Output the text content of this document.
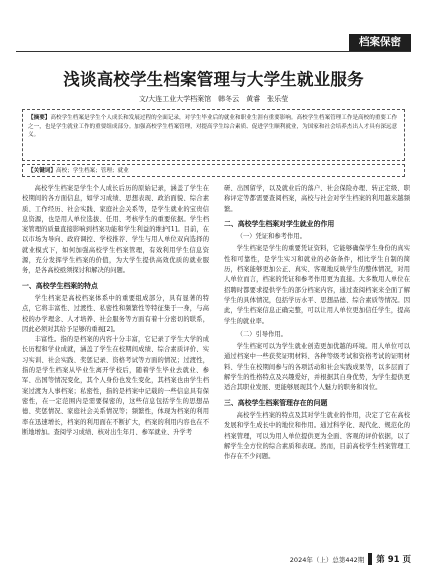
档案保密
浅谈高校学生档案管理与大学生就业服务
文/大连工业大学档案馆　韩冬云　黄睿　张乐莹
【摘要】高校学生档案是学生个人成长和发展过程的全面记录，对学生毕业后的就业和职业生涯有重要影响。高校学生档案管理工作是高校的重要工作之一，也是学生就业工作的重要组成部分。加强高校学生档案管理，对提高学生综合素质、促进学生顺利就业，为国家和社会培养杰出人才具有深远意义。
【关键词】高校；学生档案；管理；就业

高校学生档案是学生个人成长后历的原始记录，涵盖了学生在校期间的各方面信息，如学习成绩、思想表现、政治面貌、综合素质、工作经历、社会实践、家庭社会关系等，是学生就业的宝贵信息资源，也是用人单位选拔、任用、考核学生的重要依据。学生档案管理的质量直接影响到档案功能和学生利益的维护[1]。目前，在以市场为导向、政府调控、学校推荐、学生与用人单位双向选择的就业模式下，如何加强高校学生档案管理，有效利用学生信息资源，充分发挥学生档案的价值，为大学生提供高效优质的就业服务，是各高校亟须探讨和解决的问题。

一、高校学生档案的特点

学生档案是高校档案体系中的重要组成部分，具有显著的特点，它将丰富性、过渡性、私密性和频繁性等特征集于一身，与高校的办学理念、人才培养、社会服务等方面有着十分密切的联系，因此必须对其给予足够的重视[2]。

丰富性。指的是档案的内容十分丰富，它记录了学生大学的成长历程和学业成就，涵盖了学生在校期间成绩、综合素质评价、实习实训、社会实践、奖惩记录、资格考试等方面的情况；过渡性，指的是学生档案从毕业生离开学校后，随着学生毕业去就业、参军、出国等情况变化，其个人身份也发生变化，其档案也由学生档案过渡为人事档案；私密性，指的是档案中记载的一些信息具有保密性，在一定范围内是需要保密的，这些信息包括学生的思想品德、奖惩情况、家庭社会关系情况等；频繁性，体现为档案的利用率在迅速增长，档案的利用面在不断扩大，档案的利用内容也在不断地增加。查阅学习成绩、核对出生年月、参军就业、升学考

研、出国留学，以及就业后的落户、社会保险办理、转正定级、职称评定等都需要查阅档案，高校与社会对学生档案的利用越来越频繁。

二、高校学生档案对学生就业的作用
（一）凭证和参考作用。

学生档案是学生的重要凭证资料，它能够确保学生身份的真实性和可靠性，是学生实习和就业的必备条件，相比学生自制的简历，档案能够更加公正、真实、客观地反映学生的整体情况，对用人单位而言，档案的凭证和参考作用更为直接。大多数用人单位在招聘时都要求提供学生的部分档案内容，通过查阅档案来全面了解学生的具体情况，包括学历水平、思想品德、综合素质等情况。因此，学生档案信息正确完整，可以让用人单位更加信任学生，提高学生的就业率。

（二）引导作用。

学生档案可以为学生就业创造更加优越的环境。用人单位可以通过档案中一些获奖证明材料、各种等级考试和资格考试的证明材料、学生在校期间参与的各项活动和社会实践成果等，以多层面了解学生的性格特点及兴趣爱好，并根据其自身优势，为学生提供更适合其职业发展、更能够展现其个人魅力的职务和岗位。

三、高校学生档案管理存在的问题

高校学生档案的特点及其对学生就业的作用，决定了它在高校发展和学生成长中的地位和作用。通过科学化、现代化、规范化的档案管理，可以为用人单位提供更为全面、客观的评价依据，以了解学生全方位的综合素质和表现。然而，目前高校学生档案管理工作存在不少问题。

2024年（上）总第442期 第 91 页
